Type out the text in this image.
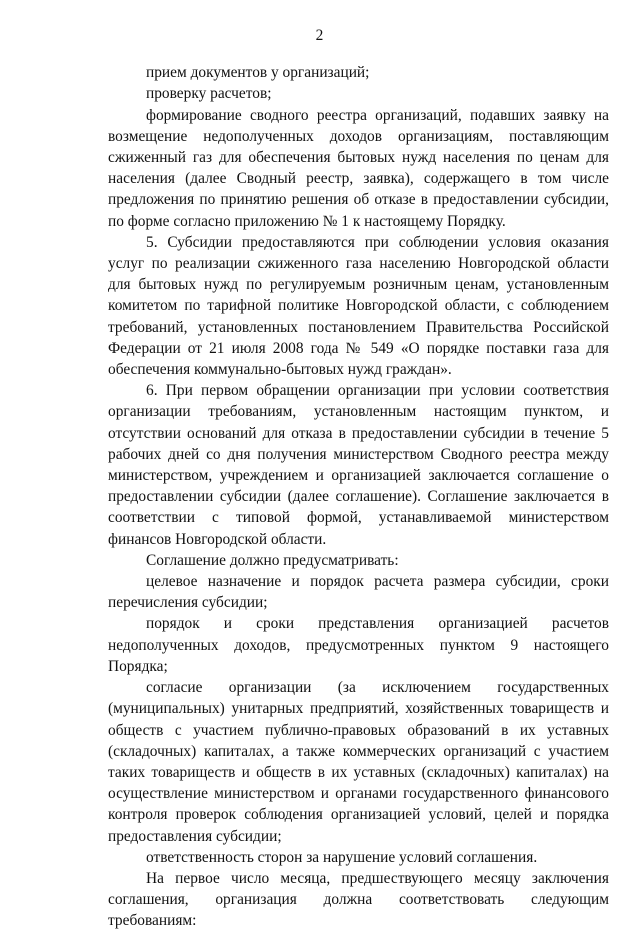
2

прием документов у организаций;

проверку расчетов;

формирование сводного реестра организаций, подавших заявку на возмещение недополученных доходов организациям, поставляющим сжиженный газ для обеспечения бытовых нужд населения по ценам для населения (далее Сводный реестр, заявка), содержащего в том числе предложения по принятию решения об отказе в предоставлении субсидии, по форме согласно приложению № 1 к настоящему Порядку.

5. Субсидии предоставляются при соблюдении условия оказания услуг по реализации сжиженного газа населению Новгородской области для бытовых нужд по регулируемым розничным ценам, установленным комитетом по тарифной политике Новгородской области, с соблюдением требований, установленных постановлением Правительства Российской Федерации от 21 июля 2008 года № 549 «О порядке поставки газа для обеспечения коммунально-бытовых нужд граждан».

6. При первом обращении организации при условии соответствия организации требованиям, установленным настоящим пунктом, и отсутствии оснований для отказа в предоставлении субсидии в течение 5 рабочих дней со дня получения министерством Сводного реестра между министерством, учреждением и организацией заключается соглашение о предоставлении субсидии (далее соглашение). Соглашение заключается в соответствии с типовой формой, устанавливаемой министерством финансов Новгородской области.

Соглашение должно предусматривать:

целевое назначение и порядок расчета размера субсидии, сроки перечисления субсидии;

порядок и сроки представления организацией расчетов недополученных доходов, предусмотренных пунктом 9 настоящего Порядка;

согласие организации (за исключением государственных (муниципальных) унитарных предприятий, хозяйственных товариществ и обществ с участием публично-правовых образований в их уставных (складочных) капиталах, а также коммерческих организаций с участием таких товариществ и обществ в их уставных (складочных) капиталах) на осуществление министерством и органами государственного финансового контроля проверок соблюдения организацией условий, целей и порядка предоставления субсидии;

ответственность сторон за нарушение условий соглашения.

На первое число месяца, предшествующего месяцу заключения соглашения, организация должна соответствовать следующим требованиям:
